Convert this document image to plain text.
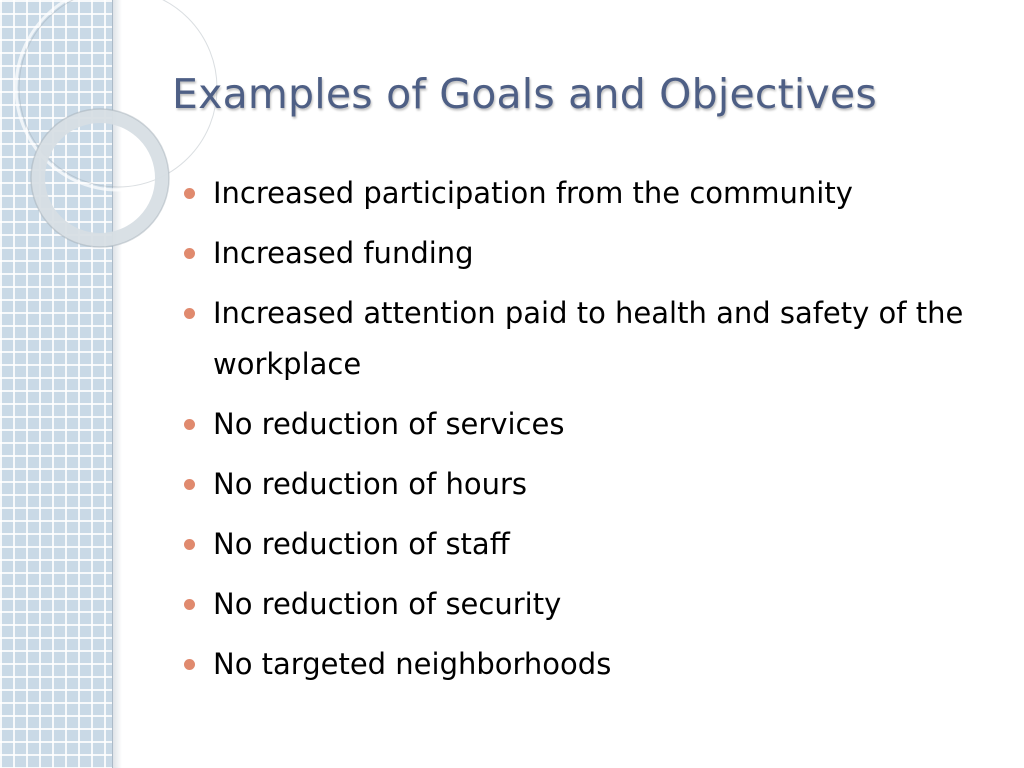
Examples of Goals and Objectives
Increased participation from the community
Increased funding
Increased attention paid to health and safety of the workplace
No reduction of services
No reduction of hours
No reduction of staff
No reduction of security
No targeted neighborhoods
